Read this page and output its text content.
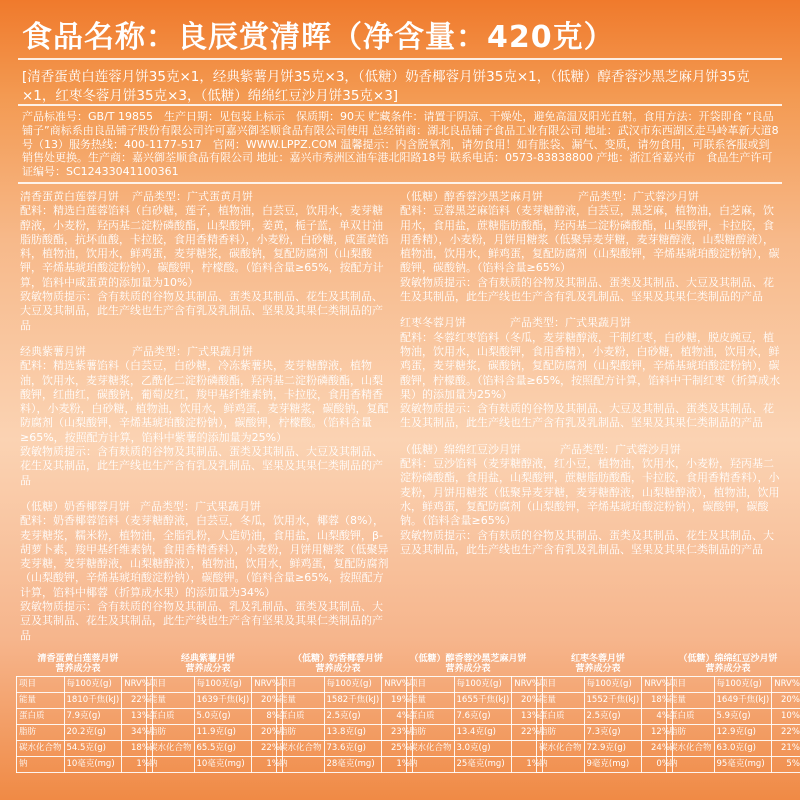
食品名称：良辰赏清晖（净含量：420克）
[清香蛋黄白莲蓉月饼35克×1，经典紫薯月饼35克×3，（低糖）奶香椰蓉月饼35克×1，（低糖）醇香蓉沙黑芝麻月饼35克×1，红枣冬蓉月饼35克×3，（低糖）绵绵红豆沙月饼35克×3]
产品标准号：GB/T 19855　生产日期：见包装上标示　保质期：90天 贮藏条件：请置于阴凉、干燥处，避免高温及阳光直射。食用方法：开袋即食 “良品铺子”商标系由良品铺子股份有限公司许可嘉兴御荃顺食品有限公司使用 总经销商：湖北良品铺子食品工业有限公司 地址：武汉市东西湖区走马岭革新大道8号（13）服务热线：400-1177-517　官网：WWW.LPPZ.COM 温馨提示：内含脱氧剂，请勿食用！如有胀袋、漏气、变质，请勿食用，可联系客服或到销售处更换。生产商：嘉兴御荃顺食品有限公司 地址：嘉兴市秀洲区油车港北阳路18号 联系电话：0573-83838800 产地：浙江省嘉兴市　食品生产许可证编号：SC12433041100361
清香蛋黄白莲蓉月饼 产品类型：广式蛋黄月饼
配料：精选白莲蓉馅料（白砂糖，莲子，植物油，白芸豆，饮用水，麦芽糖醇液，小麦粉，羟丙基二淀粉磷酸酯，山梨酸钾，姜黄，栀子蓝，单双甘油脂肪酸酯，抗坏血酸，卡拉胶，食用香精香料），小麦粉，白砂糖，咸蛋黄馅料，植物油，饮用水，鲜鸡蛋，麦芽糖浆，碳酸钠，复配防腐剂（山梨酸钾，辛烯基琥珀酸淀粉钠），碳酸钾，柠檬酸。（馅料含量≥65%，按配方计算，馅料中咸蛋黄的添加量为10%）
致敏物质提示：含有麸质的谷物及其制品、蛋类及其制品、花生及其制品、大豆及其制品，此生产线也生产含有乳及乳制品、坚果及其果仁类制品的产品
经典紫薯月饼	产品类型：广式果蔬月饼
配料：精选紫薯馅料（白芸豆，白砂糖，冷冻紫薯块，麦芽糖醇液，植物油，饮用水，麦芽糖浆，乙酰化二淀粉磷酸酯，羟丙基二淀粉磷酸酯，山梨酸钾，红曲红，碳酸钠，葡萄皮红，羧甲基纤维素钠，卡拉胶，食用香精香料），小麦粉，白砂糖，植物油，饮用水，鲜鸡蛋，麦芽糖浆，碳酸钠，复配防腐剂（山梨酸钾，辛烯基琥珀酸淀粉钠），碳酸钾，柠檬酸。（馅料含量≥65%，按照配方计算，馅料中紫薯的添加量为25%）
致敏物质提示：含有麸质的谷物及其制品、蛋类及其制品、大豆及其制品、花生及其制品，此生产线也生产含有乳及乳制品、坚果及其果仁类制品的产品
（低糖）奶香椰蓉月饼 产品类型：广式果蔬月饼
配料：奶香椰蓉馅料（麦芽糖醇液，白芸豆，冬瓜，饮用水，椰蓉（8%），麦芽糖浆，糯米粉，植物油，全脂乳粉，人造奶油，食用盐，山梨酸钾，β-胡萝卜素，羧甲基纤维素钠，食用香精香料），小麦粉，月饼用糖浆（低聚异麦芽糖，麦芽糖醇液，山梨糖醇液），植物油，饮用水，鲜鸡蛋，复配防腐剂（山梨酸钾，辛烯基琥珀酸淀粉钠），碳酸钾。（馅料含量≥65%，按照配方计算，馅料中椰蓉（折算成水果）的添加量为34%）
致敏物质提示：含有麸质的谷物及其制品、乳及乳制品、蛋类及其制品、大豆及其制品、花生及其制品，此生产线也生产含有坚果及其果仁类制品的产品
（低糖）醇香蓉沙黑芝麻月饼	产品类型：广式蓉沙月饼
配料：豆蓉黑芝麻馅料（麦芽糖醇液，白芸豆，黑芝麻，植物油，白芝麻，饮用水，食用盐，蔗糖脂肪酸酯，羟丙基二淀粉磷酸酯，山梨酸钾，卡拉胶，食用香精），小麦粉，月饼用糖浆（低聚异麦芽糖，麦芽糖醇液，山梨糖醇液），植物油，饮用水，鲜鸡蛋，复配防腐剂（山梨酸钾，辛烯基琥珀酸淀粉钠），碳酸钾，碳酸钠。（馅料含量≥65%）
致敏物质提示：含有麸质的谷物及其制品、蛋类及其制品、大豆及其制品、花生及其制品，此生产线也生产含有乳及乳制品、坚果及其果仁类制品的产品
红枣冬蓉月饼	产品类型：广式果蔬月饼
配料：冬蓉红枣馅料（冬瓜，麦芽糖醇液，干制红枣，白砂糖，脱皮豌豆，植物油，饮用水，山梨酸钾，食用香精），小麦粉，白砂糖，植物油，饮用水，鲜鸡蛋，麦芽糖浆，碳酸钠，复配防腐剂（山梨酸钾，辛烯基琥珀酸淀粉钠），碳酸钾，柠檬酸。（馅料含量≥65%，按照配方计算，馅料中干制红枣（折算成水果）的添加量为25%）
致敏物质提示：含有麸质的谷物及其制品、大豆及其制品、蛋类及其制品、花生及其制品，此生产线也生产含有乳及乳制品、坚果及其果仁类制品的产品
（低糖）绵绵红豆沙月饼	产品类型：广式蓉沙月饼
配料：豆沙馅料（麦芽糖醇液，红小豆，植物油，饮用水，小麦粉，羟丙基二淀粉磷酸酯，食用盐，山梨酸钾，蔗糖脂肪酸酯，卡拉胶，食用香精香料），小麦粉，月饼用糖浆（低聚异麦芽糖，麦芽糖醇液，山梨糖醇液），植物油，饮用水，鲜鸡蛋，复配防腐剂（山梨酸钾，辛烯基琥珀酸淀粉钠），碳酸钾，碳酸钠。（馅料含量≥65%）
致敏物质提示：含有麸质的谷物及其制品、蛋类及其制品、花生及其制品、大豆及其制品，此生产线也生产含有乳及乳制品、坚果及其果仁类制品的产品
清香蛋黄白莲蓉月饼
营养成分表
项目	每100克(g)	NRV%
能量	1810千焦(kJ)	22%
蛋白质	7.9克(g)	13%
脂肪	20.2克(g)	34%
碳水化合物	54.5克(g)	18%
钠	10毫克(mg)	1%
经典紫薯月饼
营养成分表
项目	每100克(g)	NRV%
能量	1639千焦(kJ)	20%
蛋白质	5.0克(g)	8%
脂肪	11.9克(g)	20%
碳水化合物	65.5克(g)	22%
钠	10毫克(mg)	1%
（低糖）奶香椰蓉月饼
营养成分表
项目	每100克(g)	NRV%
能量	1582千焦(kJ)	19%
蛋白质	2.5克(g)	4%
脂肪	13.8克(g)	23%
碳水化合物	73.6克(g)	25%
钠	28毫克(mg)	1%
（低糖）醇香蓉沙黑芝麻月饼
营养成分表
项目	每100克(g)	NRV%
能量	1655千焦(kJ)	20%
蛋白质	7.6克(g)	13%
脂肪	13.4克(g)	22%
碳水化合物	3.0克(g)	
钠	25毫克(mg)	1%
红枣冬蓉月饼
营养成分表
项目	每100克(g)	NRV%
能量	1552千焦(kJ)	18%
蛋白质	2.5克(g)	4%
脂肪	7.3克(g)	12%
碳水化合物	72.9克(g)	24%
钠	9毫克(mg)	0%
（低糖）绵绵红豆沙月饼
营养成分表
项目	每100克(g)	NRV%
能量	1649千焦(kJ)	20%
蛋白质	5.9克(g)	10%
脂肪	12.9克(g)	22%
碳水化合物	63.0克(g)	21%
钠	95毫克(mg)	5%
